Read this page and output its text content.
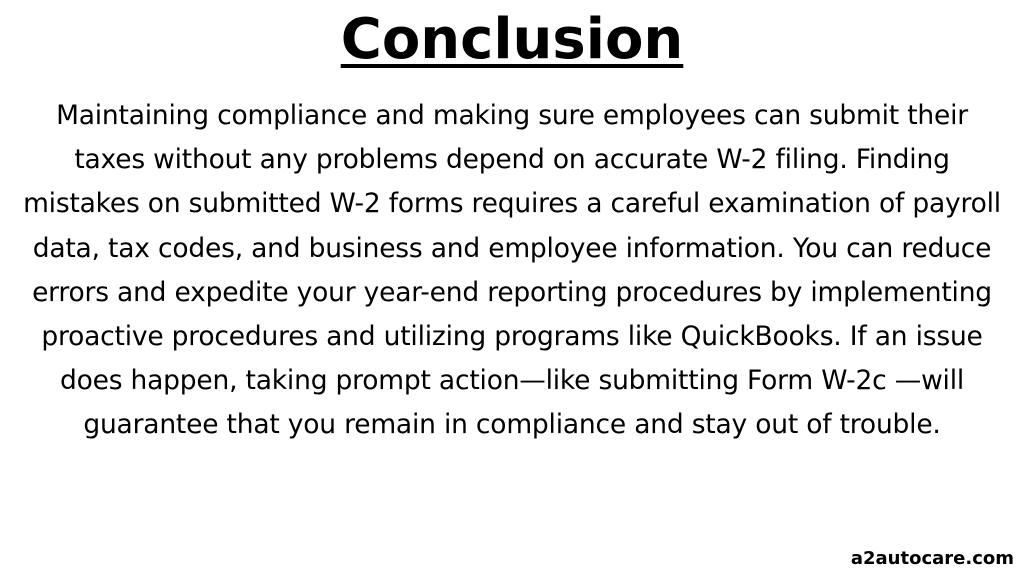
Conclusion

Maintaining compliance and making sure employees can submit their taxes without any problems depend on accurate W-2 filing. Finding mistakes on submitted W-2 forms requires a careful examination of payroll data, tax codes, and business and employee information. You can reduce errors and expedite your year-end reporting procedures by implementing proactive procedures and utilizing programs like QuickBooks. If an issue does happen, taking prompt action—like submitting Form W-2c —will guarantee that you remain in compliance and stay out of trouble.

a2autocare.com
